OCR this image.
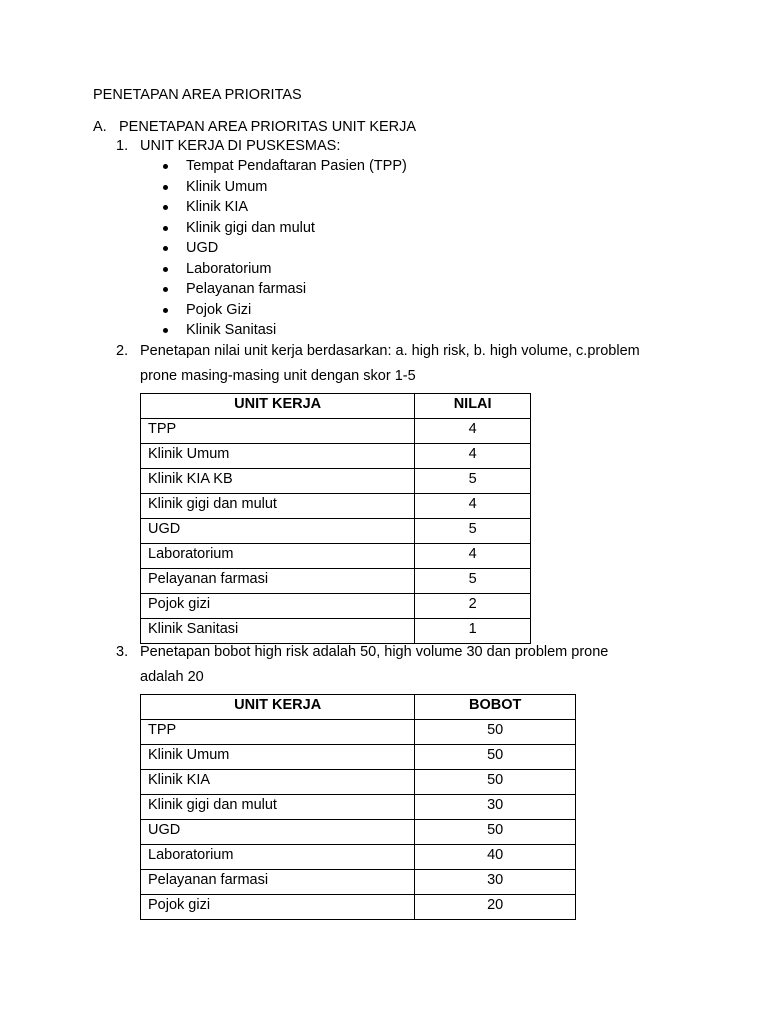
PENETAPAN AREA PRIORITAS
A. PENETAPAN AREA PRIORITAS UNIT KERJA
1. UNIT KERJA DI PUSKESMAS:
Tempat Pendaftaran Pasien (TPP)
Klinik Umum
Klinik KIA
Klinik gigi dan mulut
UGD
Laboratorium
Pelayanan farmasi
Pojok Gizi
Klinik Sanitasi
2. Penetapan nilai unit kerja berdasarkan: a. high risk, b. high volume, c.problem
prone masing-masing unit dengan skor 1-5
UNIT KERJA	NILAI
TPP	4
Klinik Umum	4
Klinik KIA KB	5
Klinik gigi dan mulut	4
UGD	5
Laboratorium	4
Pelayanan farmasi	5
Pojok gizi	2
Klinik Sanitasi	1
3. Penetapan bobot high risk adalah 50, high volume 30 dan problem prone
adalah 20
UNIT KERJA	BOBOT
TPP	50
Klinik Umum	50
Klinik KIA	50
Klinik gigi dan mulut	30
UGD	50
Laboratorium	40
Pelayanan farmasi	30
Pojok gizi	20
